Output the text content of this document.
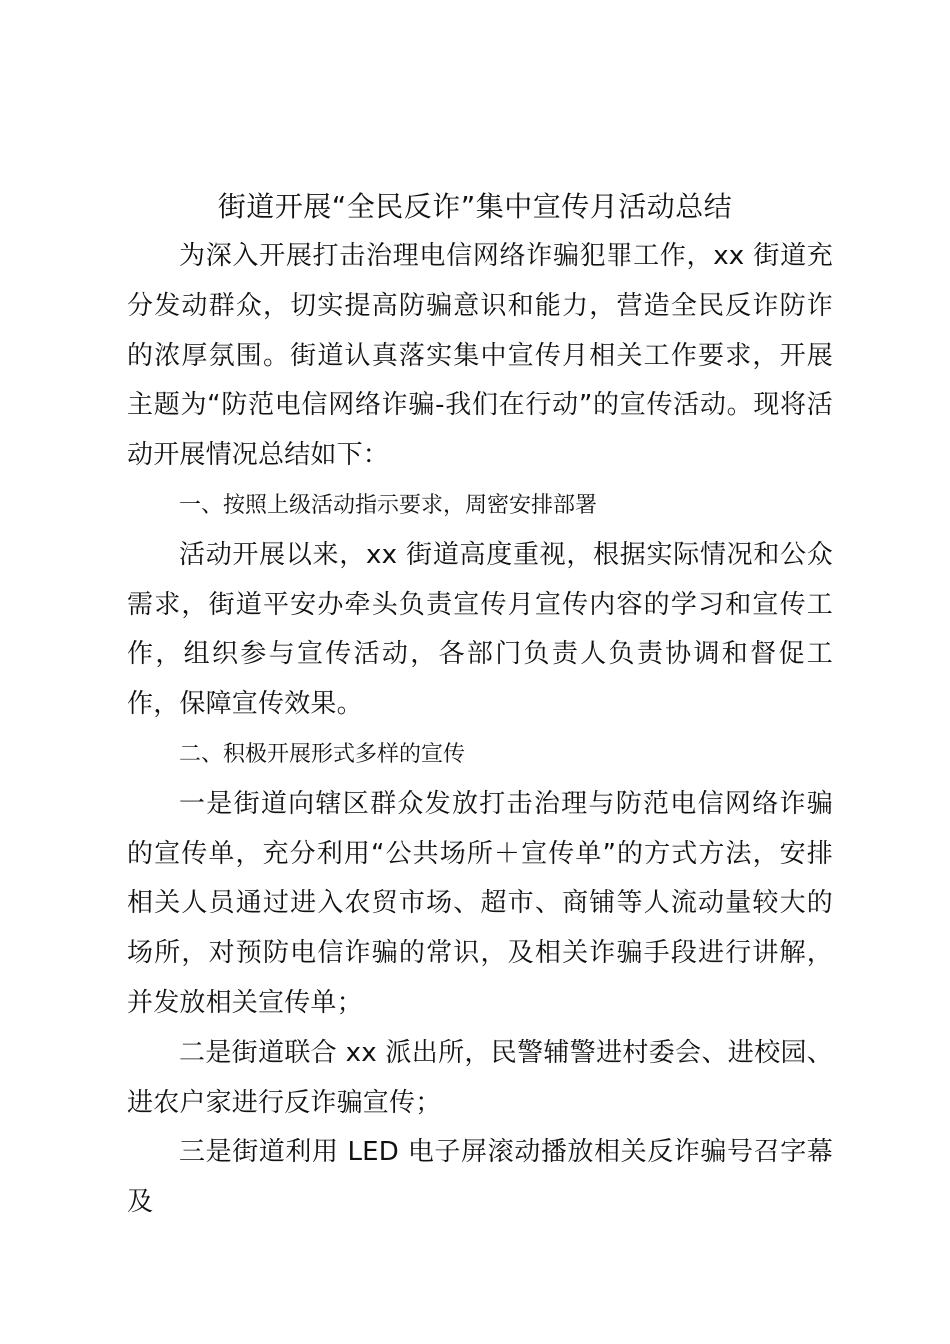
街道开展“全民反诈”集中宣传月活动总结

为深入开展打击治理电信网络诈骗犯罪工作，xx 街道充分发动群众，切实提高防骗意识和能力，营造全民反诈防诈的浓厚氛围。街道认真落实集中宣传月相关工作要求，开展主题为“防范电信网络诈骗-我们在行动”的宣传活动。现将活动开展情况总结如下：

一、按照上级活动指示要求，周密安排部署

活动开展以来，xx 街道高度重视，根据实际情况和公众需求，街道平安办牵头负责宣传月宣传内容的学习和宣传工作，组织参与宣传活动，各部门负责人负责协调和督促工作，保障宣传效果。

二、积极开展形式多样的宣传

一是街道向辖区群众发放打击治理与防范电信网络诈骗的宣传单，充分利用“公共场所＋宣传单”的方式方法，安排相关人员通过进入农贸市场、超市、商铺等人流动量较大的场所，对预防电信诈骗的常识，及相关诈骗手段进行讲解，并发放相关宣传单；

二是街道联合 xx 派出所，民警辅警进村委会、进校园、进农户家进行反诈骗宣传；

三是街道利用 LED 电子屏滚动播放相关反诈骗号召字幕及
